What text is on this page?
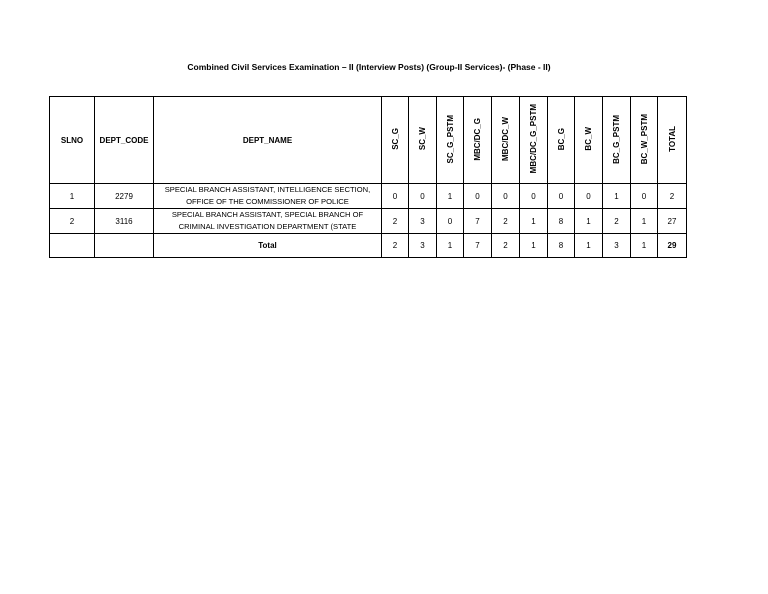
Combined Civil Services Examination – II (Interview Posts) (Group-II Services)- (Phase - II)
SLNO	DEPT_CODE	DEPT_NAME	SC_G	SC_W	SC_G_PSTM	MBC/DC_G	MBC/DC_W	MBC/DC_G_PSTM	BC_G	BC_W	BC_G_PSTM	BC_W_PSTM	TOTAL
1	2279	SPECIAL BRANCH ASSISTANT, INTELLIGENCE SECTION,
OFFICE OF THE COMMISSIONER OF POLICE	0	0	1	0	0	0	0	0	1	0	2
2	3116	SPECIAL BRANCH ASSISTANT, SPECIAL BRANCH OF
CRIMINAL INVESTIGATION DEPARTMENT (STATE	2	3	0	7	2	1	8	1	2	1	27
		Total	2	3	1	7	2	1	8	1	3	1	29
